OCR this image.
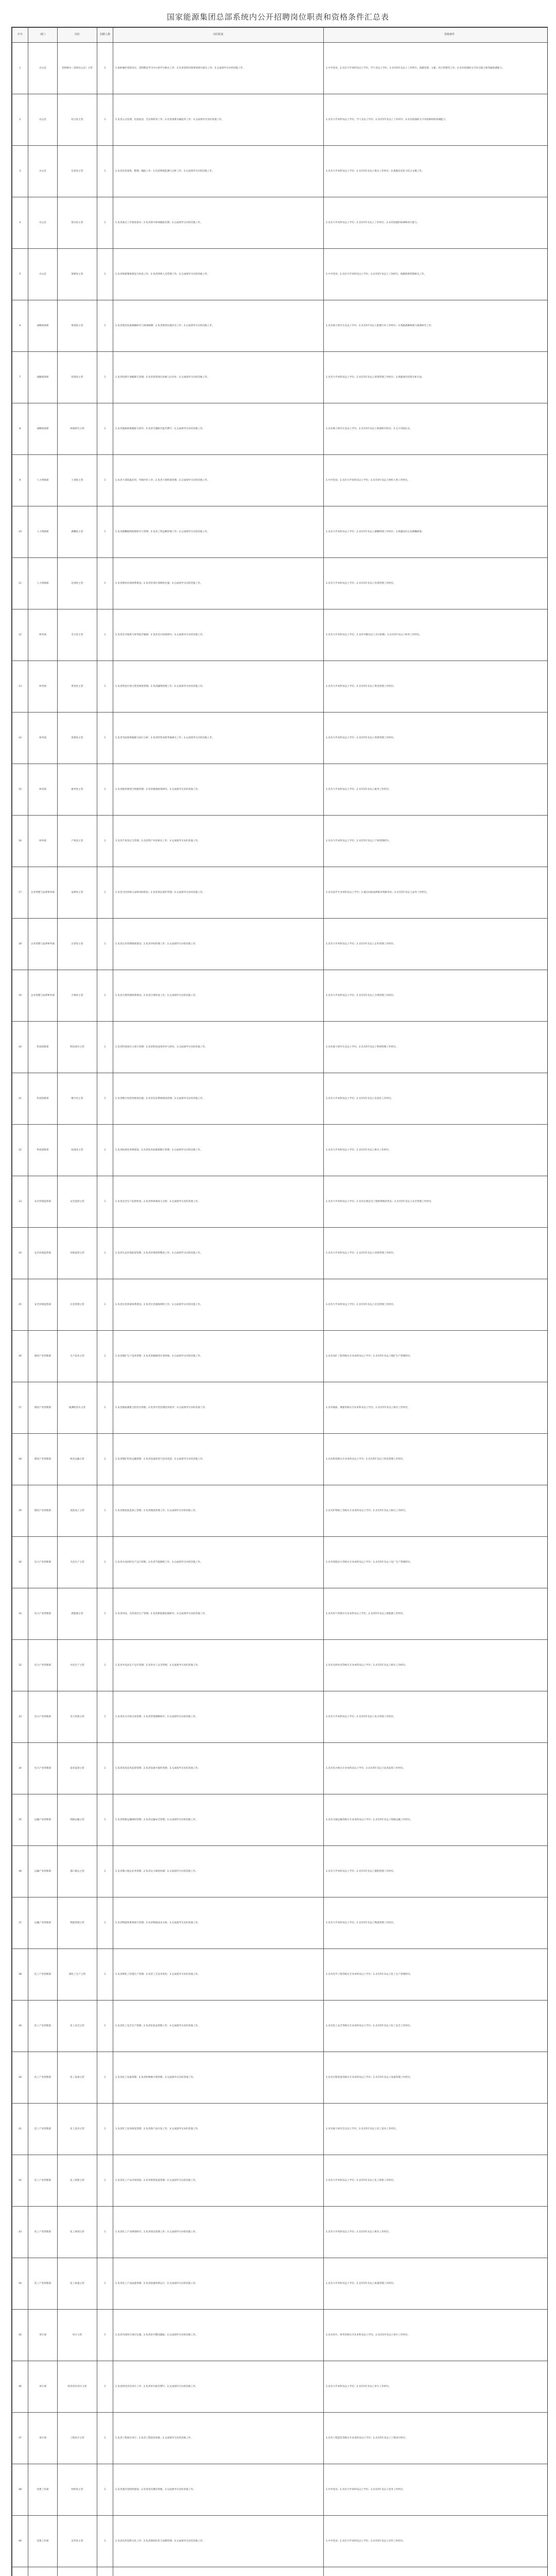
国家能源集团总部系统内公开招聘岗位职责和资格条件汇总表
序号	部门	岗位	招聘人数	岗位职责	资格条件
1	办公室	党组秘书（党组办公室）主管	1	1.协助做好党组会议、党组理论学习中心组学习相关工作；2.负责党组决策事项督办落实工作；3.完成领导交办的其他工作。	1.中共党员；2.具有大学本科及以上学历，学士及以上学位；3.具有5年及以上工作经历，熟悉党建、文秘、综合管理等工作；4.具有较强的文字综合能力和沟通协调能力。
2	办公室	综合处主管	1	1.负责公文处理、信息报送、会议组织等工作；2.负责重要文稿起草工作；3.完成领导交办的其他工作。	1.具有大学本科及以上学历，学士及以上学位；2.具有5年及以上工作经历；3.具有较强的文字功底和组织协调能力。
3	办公室	信息处主管	1	1.负责信息收集、整理、编报工作；2.负责舆情监测与分析工作；3.完成领导交办的其他工作。	1.具有大学本科及以上学历；2.具有5年及以上相关工作经历；3.熟悉信息化与综合文稿工作。
4	办公室	督办处主管	1	1.负责重点工作督查督办；2.负责督办事项跟踪反馈；3.完成领导交办的其他工作。	1.具有大学本科及以上学历；2.具有5年及以上工作经历；3.具有较强的协调和执行能力。
5	办公室	保密处主管	1	1.负责保密制度建设与检查工作；2.负责涉密人员管理工作；3.完成领导交办的其他工作。	1.中共党员；2.具有大学本科及以上学历；3.具有5年及以上工作经历，熟悉保密管理相关工作。
6	战略规划部	规划处主管	1	1.负责集团发展战略研究与规划编制；2.负责规划实施评估工作；3.完成领导交办的其他工作。	1.具有硕士研究生及以上学历；2.具有5年及以上能源行业工作经历；3.熟悉战略规划与政策研究工作。
7	战略规划部	投资处主管	1	1.负责投资计划编制与管理；2.负责投资项目审核与后评价；3.完成领导交办的其他工作。	1.具有大学本科及以上学历；2.具有5年及以上投资管理工作经历；3.熟悉项目投资分析方法。
8	战略规划部	政策研究主管	1	1.负责能源政策跟踪与研究；2.负责专题研究报告撰写；3.完成领导交办的其他工作。	1.具有硕士研究生及以上学历；2.具有3年及以上政策研究经历；3.文字功底扎实。
9	人力资源部	干部处主管	1	1.负责干部选拔任用、考核评价工作；2.负责干部档案管理；3.完成领导交办的其他工作。	1.中共党员；2.具有大学本科及以上学历；3.具有5年及以上组织人事工作经历。
10	人力资源部	薪酬处主管	1	1.负责薪酬福利政策研究与管理；2.负责工资总额管理工作；3.完成领导交办的其他工作。	1.具有大学本科及以上学历；2.具有5年及以上薪酬管理工作经历；3.熟悉国有企业薪酬政策。
11	人力资源部	培训处主管	1	1.负责教育培训体系建设；2.负责培训计划组织实施；3.完成领导交办的其他工作。	1.具有大学本科及以上学历；2.具有5年及以上培训管理工作经历。
12	财务部	会计处主管	1	1.负责会计核算与财务报告编制；2.负责会计政策研究；3.完成领导交办的其他工作。	1.具有大学本科及以上学历；2.具有中级及以上会计职称；3.具有5年及以上财务工作经历。
13	财务部	资金处主管	1	1.负责资金计划与资金调度管理；2.负责融资管理工作；3.完成领导交办的其他工作。	1.具有大学本科及以上学历；2.具有5年及以上资金管理工作经历。
14	财务部	预算处主管	1	1.负责全面预算编制与执行分析；2.负责经营业绩考核相关工作；3.完成领导交办的其他工作。	1.具有大学本科及以上学历；2.具有5年及以上预算管理工作经历。
15	财务部	税务处主管	1	1.负责税务筹划与纳税管理；2.负责税收政策研究；3.完成领导交办的其他工作。	1.具有大学本科及以上学历；2.具有5年及以上税务工作经历。
16	财务部	产权处主管	1	1.负责产权登记与管理；2.负责资产评估相关工作；3.完成领导交办的其他工作。	1.具有大学本科及以上学历；2.具有5年及以上产权管理经历。
17	企业管理与法律事务部	法律处主管	1	1.负责合同审核与法律风险防控；2.负责诉讼案件管理；3.完成领导交办的其他工作。	1.具有法学专业本科及以上学历；2.通过国家法律职业资格考试；3.具有5年及以上法务工作经历。
18	企业管理与法律事务部	企管处主管	1	1.负责企业管理制度建设；2.负责对标管理工作；3.完成领导交办的其他工作。	1.具有大学本科及以上学历；2.具有5年及以上企业管理工作经历。
19	企业管理与法律事务部	合规处主管	1	1.负责合规管理体系建设；2.负责合规审查工作；3.完成领导交办的其他工作。	1.具有大学本科及以上学历；2.具有5年及以上合规管理工作经历。
20	科技创新部	科技项目主管	1	1.负责科技项目立项与管理；2.负责科技成果评价与转化；3.完成领导交办的其他工作。	1.具有硕士研究生及以上学历；2.具有5年及以上科研管理工作经历。
21	科技创新部	数字化主管	1	1.负责数字化转型规划实施；2.负责信息系统建设管理；3.完成领导交办的其他工作。	1.具有大学本科及以上学历；2.具有5年及以上信息化工作经历。
22	科技创新部	标准化主管	1	1.负责标准化体系建设；2.负责技术标准制修订管理；3.完成领导交办的其他工作。	1.具有大学本科及以上学历；2.具有5年及以上相关工作经历。
23	安全环保监察部	安全监察主管	1	1.负责安全生产监督检查；2.负责事故调查与分析；3.完成领导交办的其他工作。	1.具有大学本科及以上学历；2.具有注册安全工程师资格者优先；3.具有5年及以上安全管理工作经历。
24	安全环保监察部	环保监察主管	1	1.负责生态环保监督管理；2.负责环保督察整改工作；3.完成领导交办的其他工作。	1.具有大学本科及以上学历；2.具有5年及以上环保管理工作经历。
25	安全环保监察部	应急管理主管	1	1.负责应急预案体系建设；2.负责应急演练组织工作；3.完成领导交办的其他工作。	1.具有大学本科及以上学历；2.具有5年及以上应急管理工作经历。
26	煤炭产业管理部	生产技术主管	1	1.负责煤矿生产技术管理；2.负责采掘接续计划审核；3.完成领导交办的其他工作。	1.具有采矿工程等相关专业本科及以上学历；2.具有5年及以上煤矿生产管理经历。
27	煤炭产业管理部	地测防治水主管	1	1.负责地质测量与防治水管理；2.负责灾害治理技术指导；3.完成领导交办的其他工作。	1.具有地质、测量等相关专业本科及以上学历；2.具有5年及以上相关工作经历。
28	煤炭产业管理部	机电运输主管	1	1.负责煤矿机电运输管理；2.负责设备选型与技术改造；3.完成领导交办的其他工作。	1.具有机电相关专业本科及以上学历；2.具有5年及以上机电管理工作经历。
29	煤炭产业管理部	洗选加工主管	1	1.负责煤炭洗选加工管理；2.负责煤质管理工作；3.完成领导交办的其他工作。	1.具有矿物加工等相关专业本科及以上学历；2.具有5年及以上相关工作经历。
30	电力产业管理部	火电生产主管	1	1.负责火电机组生产运行管理；2.负责节能降耗工作；3.完成领导交办的其他工作。	1.具有热能动力等相关专业本科及以上学历；2.具有5年及以上电厂生产管理经历。
31	电力产业管理部	新能源主管	1	1.负责风电、光伏项目生产管理；2.负责新能源发展研究；3.完成领导交办的其他工作。	1.具有电气等相关专业本科及以上学历；2.具有5年及以上新能源工作经历。
32	电力产业管理部	水电生产主管	1	1.负责水电站生产运行管理；2.负责水工安全管理；3.完成领导交办的其他工作。	1.具有水利水电等相关专业本科及以上学历；2.具有5年及以上相关工作经历。
33	电力产业管理部	电力营销主管	1	1.负责电力市场交易管理；2.负责营销策略研究；3.完成领导交办的其他工作。	1.具有大学本科及以上学历；2.具有5年及以上电力营销工作经历。
34	电力产业管理部	技术监督主管	1	1.负责发电技术监督管理；2.负责设备可靠性管理；3.完成领导交办的其他工作。	1.具有电力相关专业本科及以上学历；2.具有5年及以上技术监督工作经历。
35	运输产业管理部	铁路运输主管	1	1.负责铁路运输组织管理；2.负责运输安全管理；3.完成领导交办的其他工作。	1.具有交通运输等相关专业本科及以上学历；2.具有5年及以上铁路运输工作经历。
36	运输产业管理部	港口航运主管	1	1.负责港口航运业务管理；2.负责运力调度协调；3.完成领导交办的其他工作。	1.具有大学本科及以上学历；2.具有5年及以上港航管理工作经历。
37	运输产业管理部	物流管理主管	1	1.负责物流体系规划与管理；2.负责物流成本分析；3.完成领导交办的其他工作。	1.具有大学本科及以上学历；2.具有5年及以上物流管理工作经历。
38	化工产业管理部	煤化工生产主管	1	1.负责煤化工装置生产管理；2.负责工艺技术优化；3.完成领导交办的其他工作。	1.具有化学工程等相关专业本科及以上学历；2.具有5年及以上化工生产管理经历。
39	化工产业管理部	化工安全主管	1	1.负责化工安全生产管理；2.负责危化品管理工作；3.完成领导交办的其他工作。	1.具有化工安全等相关专业本科及以上学历；2.具有5年及以上化工安全工作经历。
40	化工产业管理部	化工设备主管	1	1.负责化工设备管理；2.负责检维修计划管理；3.完成领导交办的其他工作。	1.具有过程装备等相关专业本科及以上学历；2.具有5年及以上设备管理工作经历。
41	化工产业管理部	化工技术主管	1	1.负责化工技术研发管理；2.负责新产品开发工作；3.完成领导交办的其他工作。	1.具有硕士研究生及以上学历；2.具有5年及以上化工技术工作经历。
42	化工产业管理部	化工销售主管	1	1.负责化工产品市场营销；2.负责销售渠道管理；3.完成领导交办的其他工作。	1.具有大学本科及以上学历；2.具有5年及以上化工销售工作经历。
43	化工产业管理部	化工规划主管	1	1.负责化工产业规划研究；2.负责项目前期工作；3.完成领导交办的其他工作。	1.具有大学本科及以上学历；2.具有5年及以上相关工作经历。
44	化工产业管理部	化工质量主管	1	1.负责化工产品质量管理；2.负责质量体系运行；3.完成领导交办的其他工作。	1.具有大学本科及以上学历；2.具有5年及以上质量管理工作经历。
45	审计部	审计主管	1	1.负责内部审计项目实施；2.负责审计整改跟踪；3.完成领导交办的其他工作。	1.具有审计、财务等相关专业本科及以上学历；2.具有5年及以上审计工作经历。
46	审计部	经济责任审计主管	1	1.负责经济责任审计工作；2.负责审计报告撰写；3.完成领导交办的其他工作。	1.具有大学本科及以上学历；2.具有5年及以上审计工作经历。
47	审计部	工程审计主管	1	1.负责工程项目审计；2.负责工程造价审核；3.完成领导交办的其他工作。	1.具有工程造价等相关专业本科及以上学历；2.具有5年及以上工程审计经历。
48	党建工作部	组织处主管	1	1.负责基层党组织建设；2.负责党员教育管理；3.完成领导交办的其他工作。	1.中共党员；2.具有大学本科及以上学历；3.具有5年及以上党务工作经历。
49	党建工作部	宣传处主管	1	1.负责宣传思想文化工作；2.负责新闻宣传与品牌管理；3.完成领导交办的其他工作。	1.中共党员；2.具有大学本科及以上学历；3.具有5年及以上宣传工作经历。
